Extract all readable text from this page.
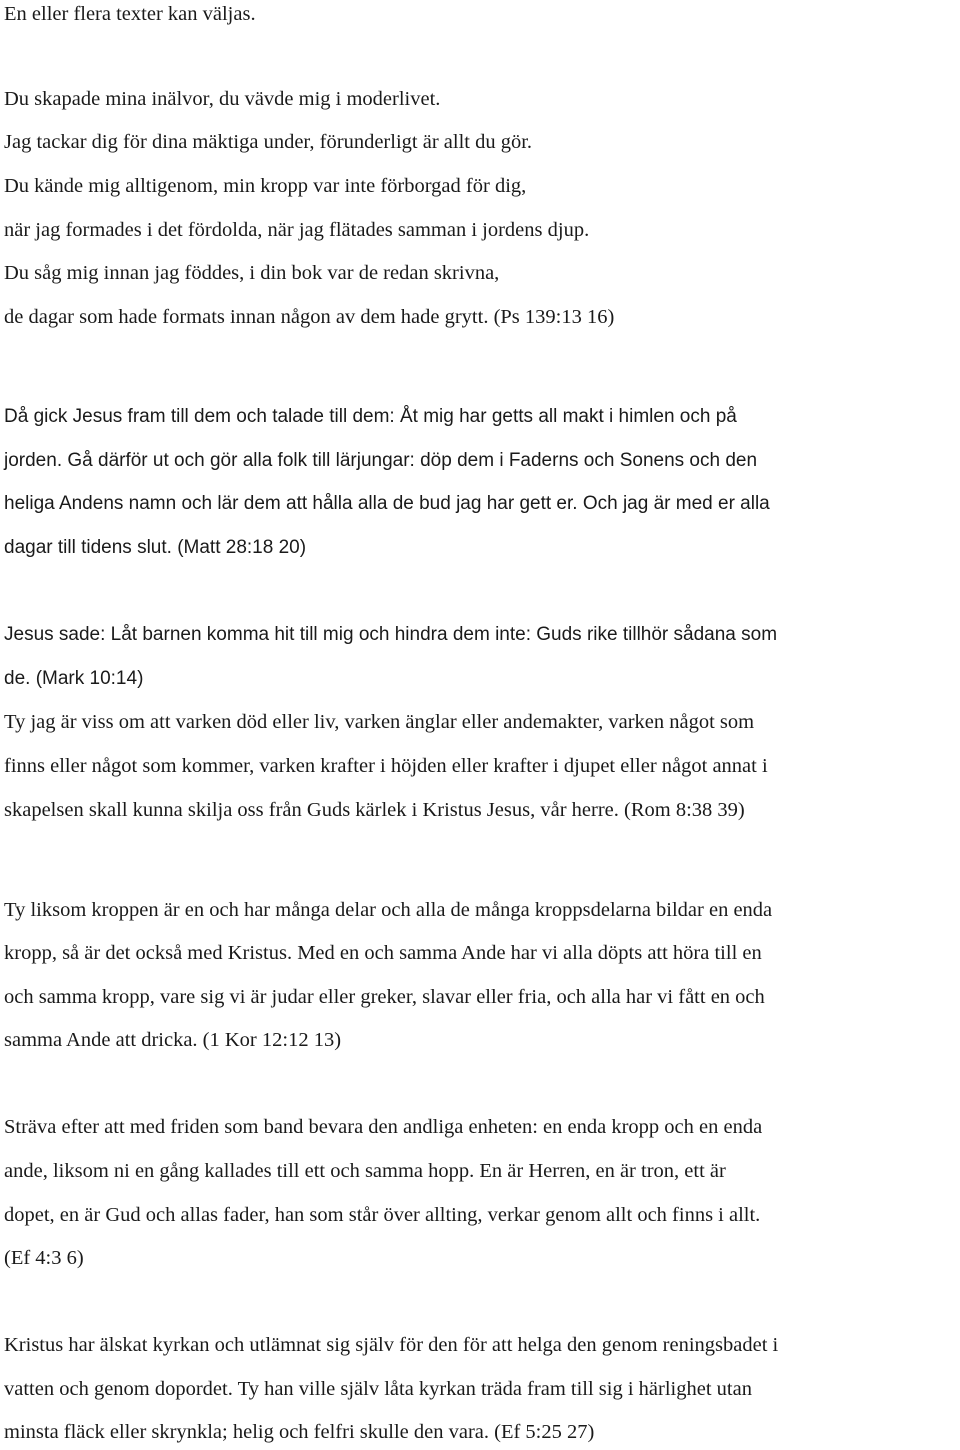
En eller flera texter kan väljas.
Du skapade mina inälvor, du vävde mig i moderlivet.
Jag tackar dig för dina mäktiga under, förunderligt är allt du gör.
Du kände mig alltigenom, min kropp var inte förborgad för dig,
när jag formades i det fördolda, när jag flätades samman i jordens djup.
Du såg mig innan jag föddes, i din bok var de redan skrivna,
de dagar som hade formats innan någon av dem hade grytt. (Ps 139:13 16)
Då gick Jesus fram till dem och talade till dem: Åt mig har getts all makt i himlen och på
jorden. Gå därför ut och gör alla folk till lärjungar: döp dem i Faderns och Sonens och den
heliga Andens namn och lär dem att hålla alla de bud jag har gett er. Och jag är med er alla
dagar till tidens slut. (Matt 28:18 20)
Jesus sade: Låt barnen komma hit till mig och hindra dem inte: Guds rike tillhör sådana som
de. (Mark 10:14)
Ty jag är viss om att varken död eller liv, varken änglar eller andemakter, varken något som
finns eller något som kommer, varken krafter i höjden eller krafter i djupet eller något annat i
skapelsen skall kunna skilja oss från Guds kärlek i Kristus Jesus, vår herre. (Rom 8:38 39)
Ty liksom kroppen är en och har många delar och alla de många kroppsdelarna bildar en enda
kropp, så är det också med Kristus. Med en och samma Ande har vi alla döpts att höra till en
och samma kropp, vare sig vi är judar eller greker, slavar eller fria, och alla har vi fått en och
samma Ande att dricka. (1 Kor 12:12 13)
Sträva efter att med friden som band bevara den andliga enheten: en enda kropp och en enda
ande, liksom ni en gång kallades till ett och samma hopp. En är Herren, en är tron, ett är
dopet, en är Gud och allas fader, han som står över allting, verkar genom allt och finns i allt.
(Ef 4:3 6)
Kristus har älskat kyrkan och utlämnat sig själv för den för att helga den genom reningsbadet i
vatten och genom dopordet. Ty han ville själv låta kyrkan träda fram till sig i härlighet utan
minsta fläck eller skrynkla; helig och felfri skulle den vara. (Ef 5:25 27)
